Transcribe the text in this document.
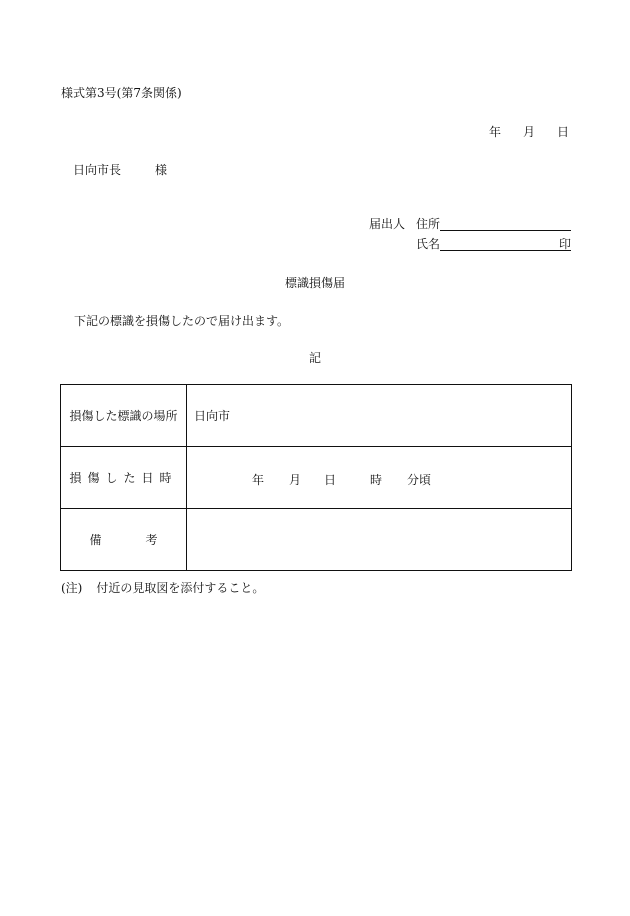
様式第3号(第7条関係)
年 月 日
日向市長	様
届出人 住所
氏名	印
標識損傷届
下記の標識を損傷したので届け出ます。
記
損傷した標識の場所	日向市
損傷した日時	年 月 日 時 分頃

備 考	
(注) 付近の見取図を添付すること。
